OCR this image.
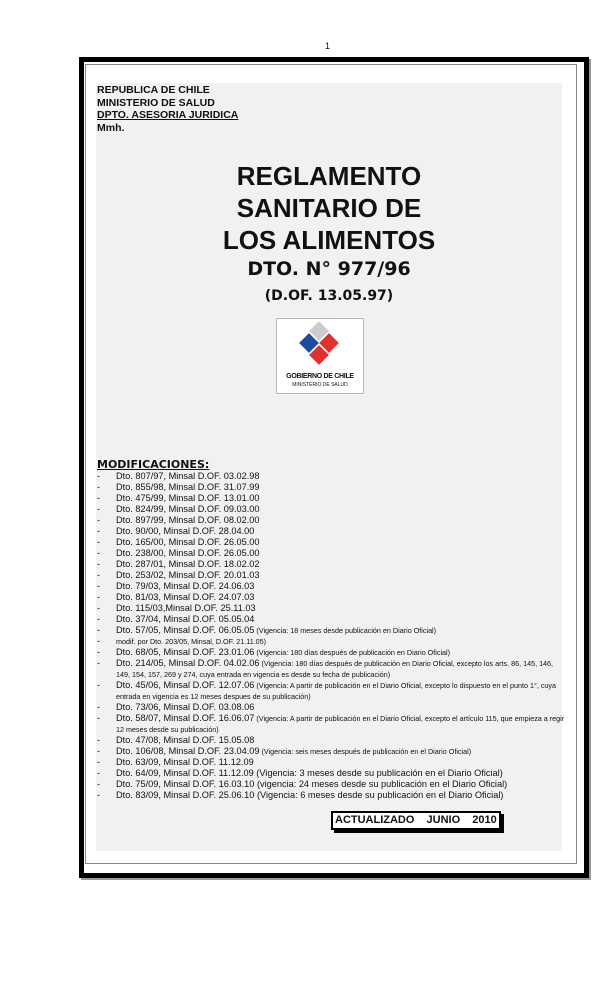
1
REPUBLICA DE CHILE
MINISTERIO DE SALUD
DPTO. ASESORIA JURIDICA
Mmh.
REGLAMENTO
SANITARIO DE
LOS ALIMENTOS
DTO. N° 977/96
(D.OF. 13.05.97)
GOBIERNO DE CHILE
MINISTERIO DE SALUD
MODIFICACIONES:
- Dto. 807/97, Minsal D.OF. 03.02.98
- Dto. 855/98, Minsal D.OF. 31.07.99
- Dto. 475/99, Minsal D.OF. 13.01.00
- Dto. 824/99, Minsal D.OF. 09.03.00
- Dto. 897/99, Minsal D.OF. 08.02.00
- Dto. 90/00, Minsal D.OF. 28.04.00
- Dto. 165/00, Minsal D.OF. 26.05.00
- Dto. 238/00, Minsal D.OF. 26.05.00
- Dto. 287/01, Minsal D.OF. 18.02.02
- Dto. 253/02, Minsal D.OF. 20.01.03
- Dto. 79/03, Minsal D.OF. 24.06.03
- Dto. 81/03, Minsal D.OF. 24.07.03
- Dto. 115/03,Minsal D.OF. 25.11.03
- Dto. 37/04, Minsal D.OF. 05.05.04
- Dto. 57/05, Minsal D.OF. 06.05.05 (Vigencia: 18 meses desde publicación en Diario Oficial)
- modif. por Dto. 203/05, Minsal, D.OF. 21.11.05)
- Dto. 68/05, Minsal D.OF. 23.01.06 (Vigencia: 180 días después de publicación en Diario Oficial)
- Dto. 214/05, Minsal D.OF. 04.02.06 (Vigencia: 180 días después de publicación en Diario Oficial, excepto los arts. 86, 145, 146, 149, 154, 157, 269 y 274, cuya entrada en vigencia es desde su fecha de publicación)
- Dto. 45/06, Minsal D.OF. 12.07.06 (Vigencia: A partir de publicación en el Diario Oficial, excepto lo dispuesto en el punto 1°, cuya entrada en vigencia es 12 meses despues de su publicación)
- Dto. 73/06, Minsal D.OF. 03.08.06
- Dto. 58/07, Minsal D.OF. 16.06.07 (Vigencia: A partir de publicación en el Diario Oficial, excepto el artículo 115, que empieza a regir 12 meses desde su publicación)
- Dto. 47/08, Minsal D.OF. 15.05.08
- Dto. 106/08, Minsal D.OF. 23.04.09 (Vigencia: seis meses después de publicación en el Diario Oficial)
- Dto. 63/09, Minsal D.OF. 11.12.09
- Dto. 64/09, Minsal D.OF. 11.12.09 (Vigencia: 3 meses desde su publicación en el Diario Oficial)
- Dto. 75/09, Minsal D.OF. 16.03.10 (vigencia: 24 meses desde su publicación en el Diario Oficial)
- Dto. 83/09, Minsal D.OF. 25.06.10 (Vigencia: 6 meses desde su publicación en el Diario Oficial)
ACTUALIZADO  JUNIO  2010
